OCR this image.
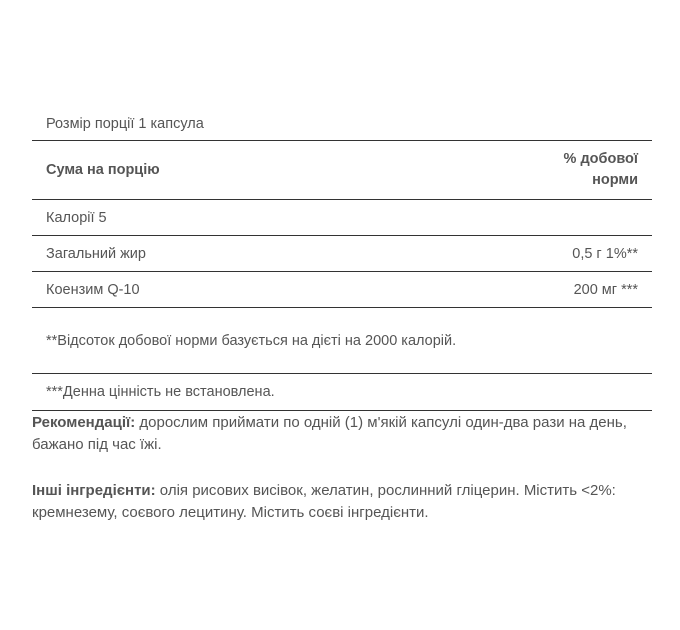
Розмір порції 1 капсула
Сума на порцію
% добової
норми
Калорії 5
Загальний жир	0,5 г 1%**
Коензим Q-10	200 мг ***
**Відсоток добової норми базується на дієті на 2000 калорій.
***Денна цінність не встановлена.
Рекомендації: дорослим приймати по одній (1) м'якій капсулі один-два рази на день, бажано під час їжі.
Інші інгредієнти: олія рисових висівок, желатин, рослинний гліцерин. Містить <2%: кремнезему, соєвого лецитину. Містить соєві інгредієнти.
